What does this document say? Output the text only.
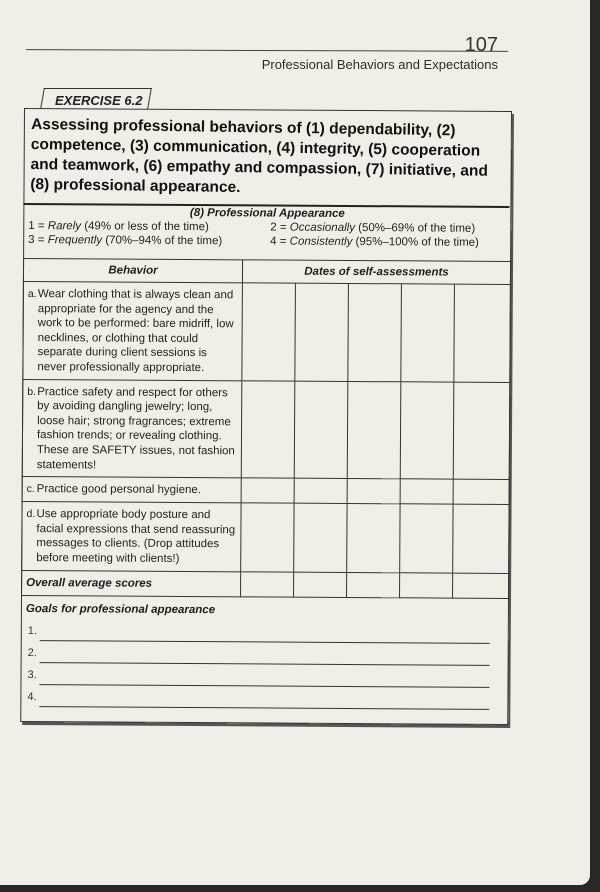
107
Professional Behaviors and Expectations
EXERCISE 6.2
Assessing professional behaviors of (1) dependability, (2) competence, (3) communication, (4) integrity, (5) cooperation and teamwork, (6) empathy and compassion, (7) initiative, and (8) professional appearance.
(8) Professional Appearance
1 = Rarely (49% or less of the time)	2 = Occasionally (50%–69% of the time)
3 = Frequently (70%–94% of the time)	4 = Consistently (95%–100% of the time)
Behavior	Dates of self-assessments				

a. Wear clothing that is always clean and appropriate for the agency and the work to be performed: bare midriff, low necklines, or clothing that could separate during client sessions is never professionally appropriate.					

b. Practice safety and respect for others by avoiding dangling jewelry; long, loose hair; strong fragrances; extreme fashion trends; or revealing clothing. These are SAFETY issues, not fashion statements!					

c. Practice good personal hygiene.					

d. Use appropriate body posture and facial expressions that send reassuring messages to clients. (Drop attitudes before meeting with clients!)					

Overall average scores					
Goals for professional appearance
1.
2.
3.
4.
